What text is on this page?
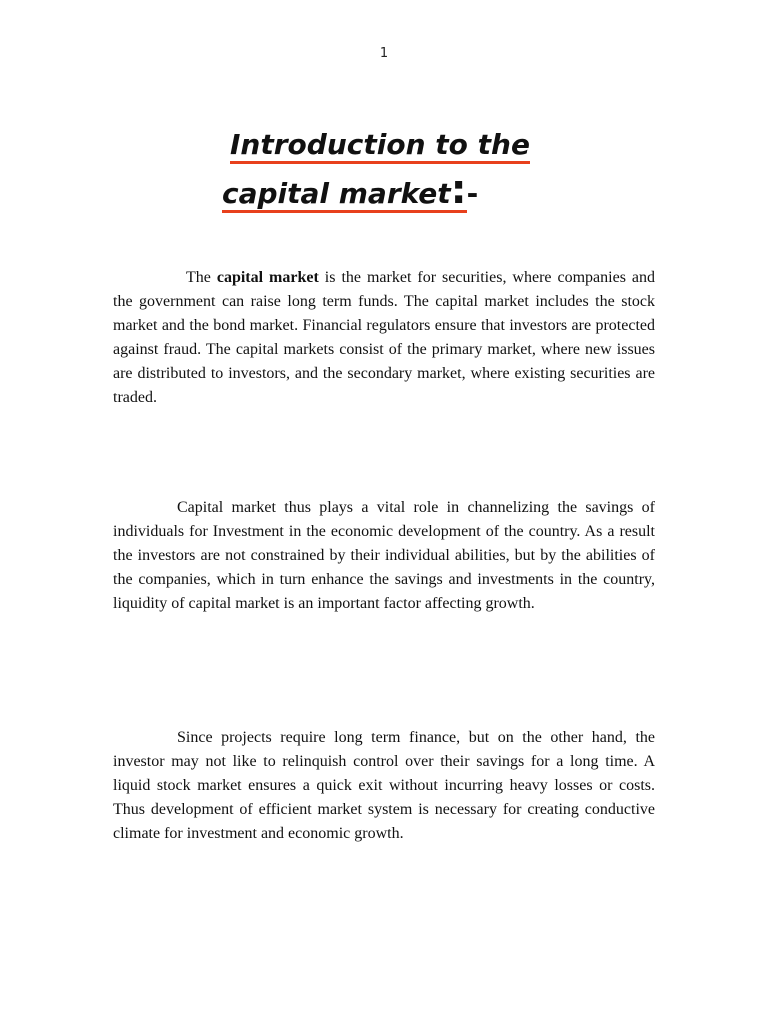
1
Introduction to the
capital market:-
The capital market is the market for securities, where companies and the government can raise long term funds. The capital market includes the stock market and the bond market. Financial regulators ensure that investors are protected against fraud. The capital markets consist of the primary market, where new issues are distributed to investors, and the secondary market, where existing securities are traded.
Capital market thus plays a vital role in channelizing the savings of individuals for Investment in the economic development of the country. As a result the investors are not constrained by their individual abilities, but by the abilities of the companies, which in turn enhance the savings and investments in the country, liquidity of capital market is an important factor affecting growth.
Since projects require long term finance, but on the other hand, the investor may not like to relinquish control over their savings for a long time. A liquid stock market ensures a quick exit without incurring heavy losses or costs. Thus development of efficient market system is necessary for creating conductive climate for investment and economic growth.
